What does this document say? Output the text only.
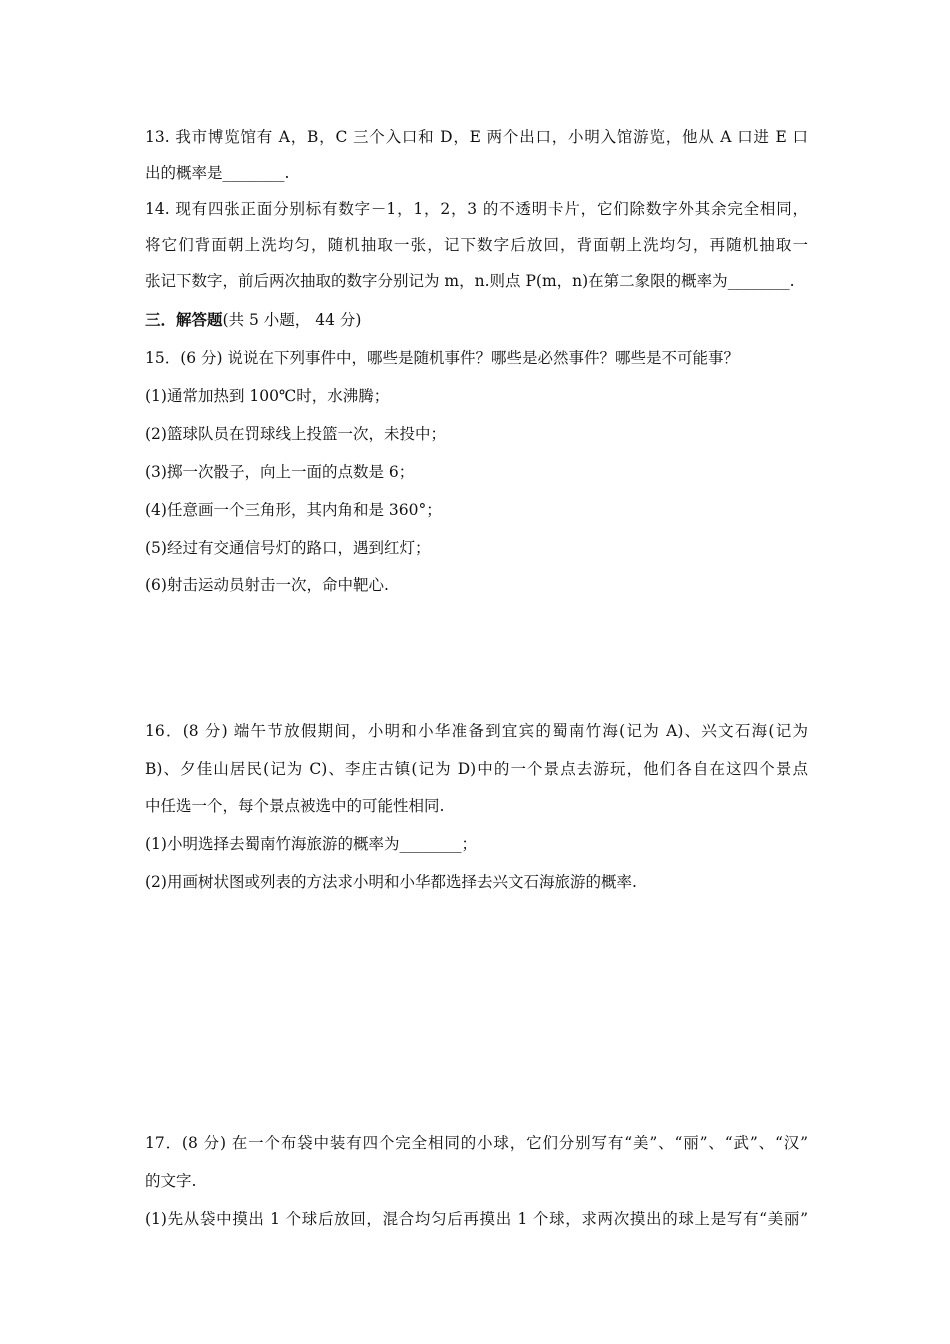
13. 我市博览馆有 A，B，C 三个入口和 D，E 两个出口，小明入馆游览，他从 A 口进 E 口
出的概率是________.
14. 现有四张正面分别标有数字－1，1，2，3 的不透明卡片，它们除数字外其余完全相同，
将它们背面朝上洗均匀，随机抽取一张，记下数字后放回，背面朝上洗均匀，再随机抽取一
张记下数字，前后两次抽取的数字分别记为 m，n.则点 P(m，n)在第二象限的概率为________.
三．解答题(共 5 小题， 44 分)
15．(6 分) 说说在下列事件中，哪些是随机事件？哪些是必然事件？哪些是不可能事？
(1)通常加热到 100℃时，水沸腾；
(2)篮球队员在罚球线上投篮一次，未投中；
(3)掷一次骰子，向上一面的点数是 6；
(4)任意画一个三角形，其内角和是 360°；
(5)经过有交通信号灯的路口，遇到红灯；
(6)射击运动员射击一次，命中靶心.
16．(8 分) 端午节放假期间，小明和小华准备到宜宾的蜀南竹海(记为 A)、兴文石海(记为
B)、夕佳山居民(记为 C)、李庄古镇(记为 D)中的一个景点去游玩，他们各自在这四个景点
中任选一个，每个景点被选中的可能性相同.
(1)小明选择去蜀南竹海旅游的概率为________；
(2)用画树状图或列表的方法求小明和小华都选择去兴文石海旅游的概率.
17．(8 分) 在一个布袋中装有四个完全相同的小球，它们分别写有“美”、“丽”、“武”、“汉”
的文字.
(1)先从袋中摸出 1 个球后放回，混合均匀后再摸出 1 个球，求两次摸出的球上是写有“美丽”
